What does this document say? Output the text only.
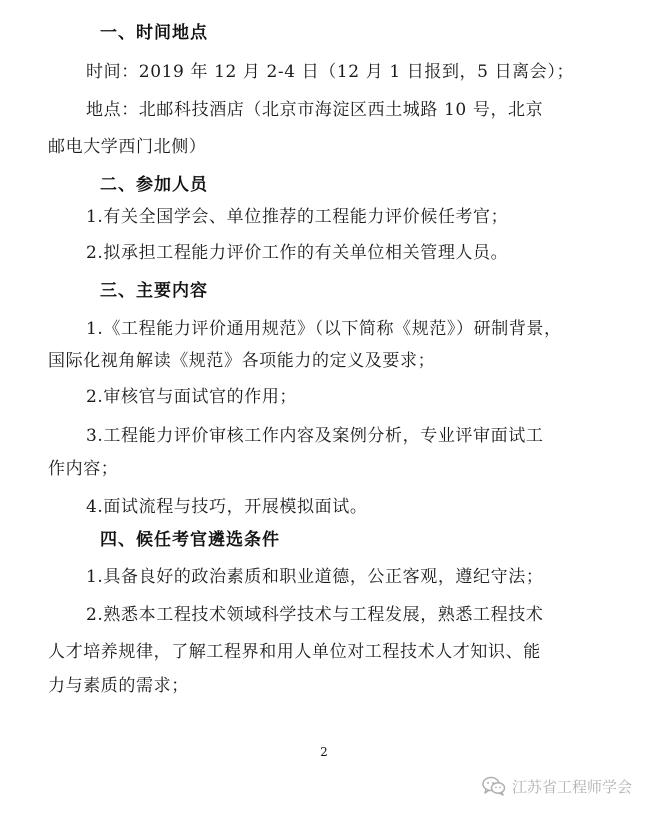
一、时间地点
时间：2019 年 12 月 2-4 日（12 月 1 日报到，5 日离会）；
地点：北邮科技酒店（北京市海淀区西土城路 10 号，北京
邮电大学西门北侧）
二、参加人员
1.有关全国学会、单位推荐的工程能力评价候任考官；
2.拟承担工程能力评价工作的有关单位相关管理人员。
三、主要内容
1.《工程能力评价通用规范》（以下简称《规范》）研制背景，
国际化视角解读《规范》各项能力的定义及要求；
2.审核官与面试官的作用；
3.工程能力评价审核工作内容及案例分析，专业评审面试工
作内容；
4.面试流程与技巧，开展模拟面试。
四、候任考官遴选条件
1.具备良好的政治素质和职业道德，公正客观，遵纪守法；
2.熟悉本工程技术领域科学技术与工程发展，熟悉工程技术
人才培养规律，了解工程界和用人单位对工程技术人才知识、能
力与素质的需求；
2
江苏省工程师学会
